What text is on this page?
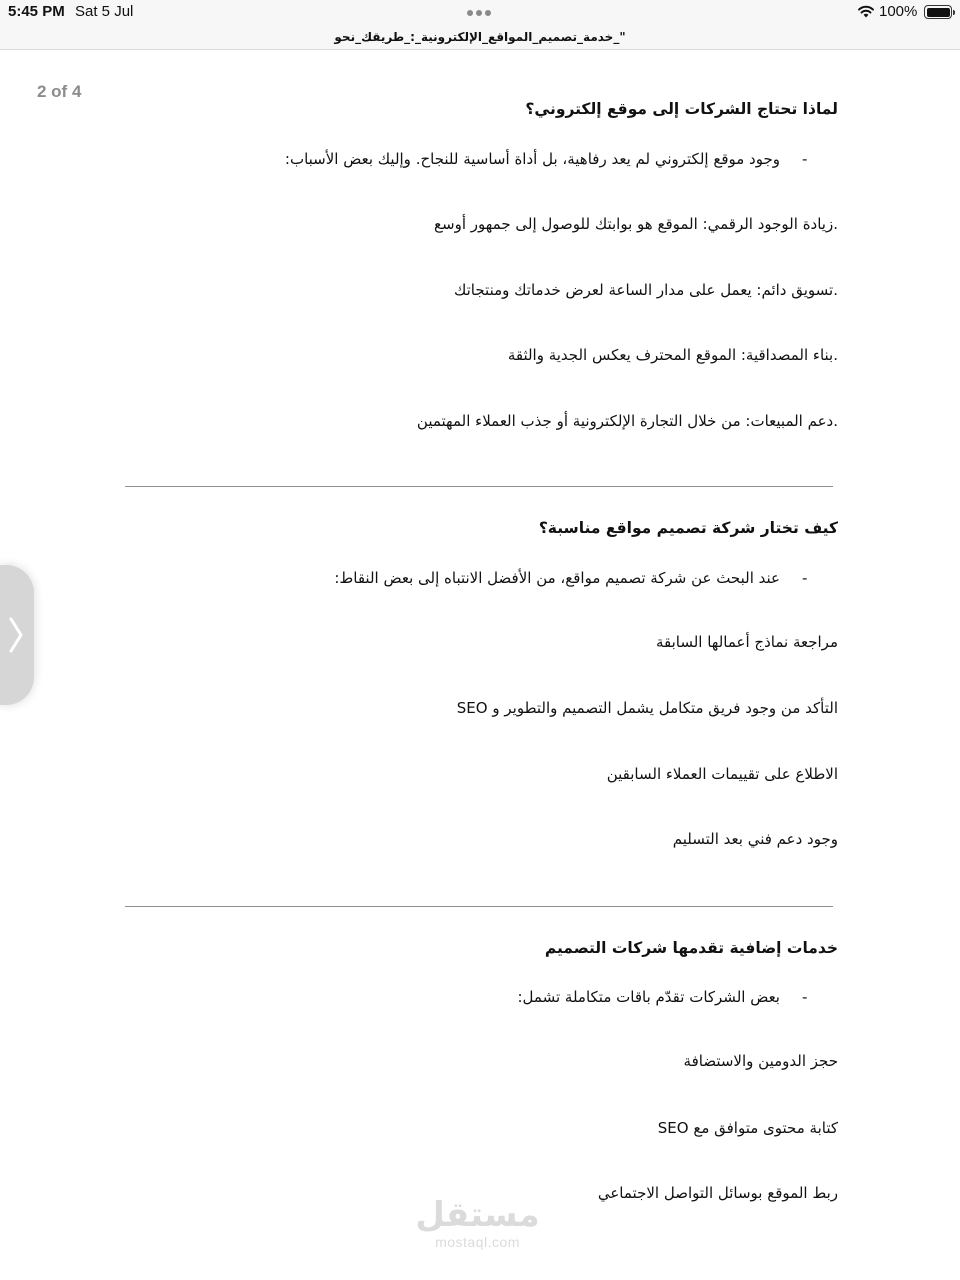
5:45 PM Sat 5 Jul	100%
"_خدمة_تصميم_المواقع_الإلكترونية_:_طريقك_نحو
2 of 4
لماذا تحتاج الشركات إلى موقع إلكتروني؟
-
وجود موقع إلكتروني لم يعد رفاهية، بل أداة أساسية للنجاح. وإليك بعض الأسباب:
.زيادة الوجود الرقمي: الموقع هو بوابتك للوصول إلى جمهور أوسع
.تسويق دائم: يعمل على مدار الساعة لعرض خدماتك ومنتجاتك
.بناء المصداقية: الموقع المحترف يعكس الجدية والثقة
.دعم المبيعات: من خلال التجارة الإلكترونية أو جذب العملاء المهتمين
كيف تختار شركة تصميم مواقع مناسبة؟
-
عند البحث عن شركة تصميم مواقع، من الأفضل الانتباه إلى بعض النقاط:
مراجعة نماذج أعمالها السابقة
التأكد من وجود فريق متكامل يشمل التصميم والتطوير و SEO
الاطلاع على تقييمات العملاء السابقين
وجود دعم فني بعد التسليم
خدمات إضافية تقدمها شركات التصميم
-
بعض الشركات تقدّم باقات متكاملة تشمل:
حجز الدومين والاستضافة
كتابة محتوى متوافق مع SEO
ربط الموقع بوسائل التواصل الاجتماعي
مستقل
mostaql.com
